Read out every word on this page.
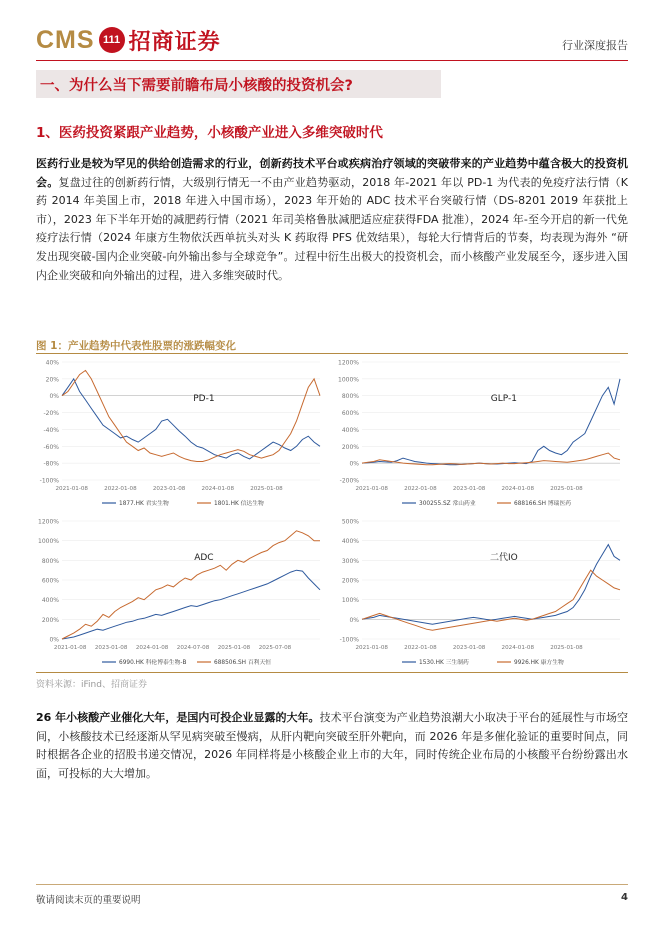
CMS 111 招商证券	行业深度报告
一、为什么当下需要前瞻布局小核酸的投资机会?
1、医药投资紧跟产业趋势，小核酸产业进入多维突破时代
医药行业是较为罕见的供给创造需求的行业，创新药技术平台或疾病治疗领域的突破带来的产业趋势中蕴含极大的投资机会。复盘过往的创新药行情，大级别行情无一不由产业趋势驱动，2018 年-2021 年以 PD-1 为代表的免疫疗法行情（K 药 2014 年美国上市，2018 年进入中国市场），2023 年开始的 ADC 技术平台突破行情（DS-8201 2019 年获批上市），2023 年下半年开始的减肥药行情（2021 年司美格鲁肽减肥适应症获得FDA 批准），2024 年-至今开启的新一代免疫疗法行情（2024 年康方生物依沃西单抗头对头 K 药取得 PFS 优效结果），每轮大行情背后的节奏，均表现为海外 “研发出现突破-国内企业突破-向外输出参与全球竞争”。过程中衍生出极大的投资机会，而小核酸产业发展至今，逐步进入国内企业突破和向外输出的过程，进入多维突破时代。
图 1：产业趋势中代表性股票的涨跌幅变化
40%
20%
0%
-20%
-40%
-60%
-80%
-100%
2021-01-08	2022-01-08	2023-01-08	2024-01-08	2025-01-08
PD-1
1877.HK 君实生物	1801.HK 信达生物
1200%
1000%
800%
600%
400%
200%
0%
-200%
2021-01-08	2022-01-08	2023-01-08	2024-01-08	2025-01-08
GLP-1
300255.SZ 常山药业	688166.SH 博瑞医药
1200%
1000%
800%
600%
400%
200%
0%
2021-01-08 2023-01-08 2024-01-08 2024-07-08 2025-01-08 2025-07-08
ADC
6990.HK 科伦博泰生物-B	688506.SH 百利天恒
500%
400%
300%
200%
100%
0%
-100%
2021-01-08	2022-01-08	2023-01-08	2024-01-08	2025-01-08
二代IO
1530.HK 三生制药	9926.HK 康方生物
资料来源：iFind、招商证券
26 年小核酸产业催化大年，是国内可投企业显露的大年。技术平台演变为产业趋势浪潮大小取决于平台的延展性与市场空间，小核酸技术已经逐渐从罕见病突破至慢病，从肝内靶向突破至肝外靶向，而 2026 年是多催化验证的重要时间点，同时根据各企业的招股书递交情况，2026 年同样将是小核酸企业上市的大年，同时传统企业布局的小核酸平台纷纷露出水面，可投标的大大增加。
敬请阅读末页的重要说明	4
